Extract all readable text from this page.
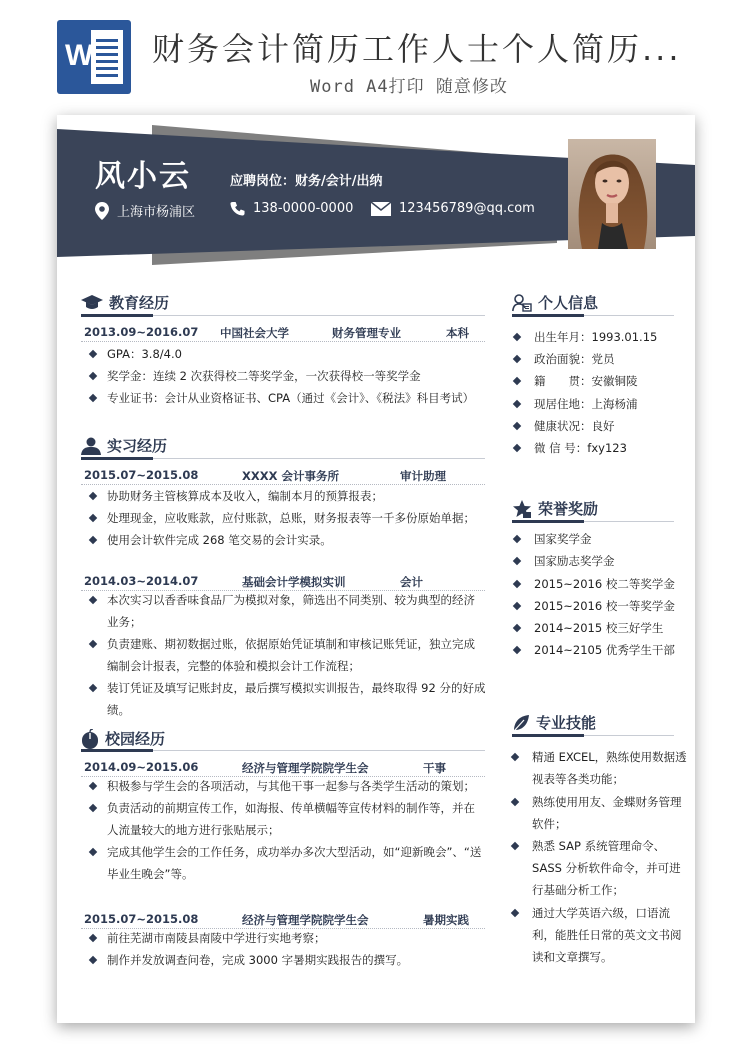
W 财务会计简历工作人士个人简历...
Word A4打印 随意修改
风小云	应聘岗位：财务/会计/出纳
上海市杨浦区	138-0000-0000	123456789@qq.com
教育经历
2013.09~2016.07 中国社会大学	财务管理专业	本科
GPA：3.8/4.0
奖学金：连续 2 次获得校二等奖学金，一次获得校一等奖学金
专业证书：会计从业资格证书、CPA（通过《会计》、《税法》科目考试）
实习经历
2015.07~2015.08	XXXX 会计事务所	审计助理
协助财务主管核算成本及收入，编制本月的预算报表；
处理现金，应收账款，应付账款，总账，财务报表等一千多份原始单据；
使用会计软件完成 268 笔交易的会计实录。
2014.03~2014.07	基础会计学模拟实训	会计
本次实习以香香味食品厂为模拟对象，筛选出不同类别、较为典型的经济业务；
负责建账、期初数据过账，依据原始凭证填制和审核记账凭证，独立完成编制会计报表，完整的体验和模拟会计工作流程；
装订凭证及填写记账封皮，最后撰写模拟实训报告，最终取得 92 分的好成绩。
校园经历
2014.09~2015.06	经济与管理学院院学生会	干事
积极参与学生会的各项活动，与其他干事一起参与各类学生活动的策划；
负责活动的前期宣传工作，如海报、传单横幅等宣传材料的制作等，并在人流量较大的地方进行张贴展示；
完成其他学生会的工作任务，成功举办多次大型活动，如“迎新晚会”、“送毕业生晚会”等。
2015.07~2015.08	经济与管理学院院学生会	暑期实践
前往芜湖市南陵县南陵中学进行实地考察；
制作并发放调查问卷，完成 3000 字暑期实践报告的撰写。
个人信息
出生年月：1993.01.15
政治面貌：党员
籍　　贯：安徽铜陵
现居住地：上海杨浦
健康状况：良好
微 信 号：fxy123
荣誉奖励
国家奖学金
国家励志奖学金
2015~2016 校二等奖学金
2015~2016 校一等奖学金
2014~2015 校三好学生
2014~2105 优秀学生干部
专业技能
精通 EXCEL，熟练使用数据透视表等各类功能；
熟练使用用友、金蝶财务管理软件；
熟悉 SAP 系统管理命令、SASS 分析软件命令，并可进行基础分析工作；
通过大学英语六级，口语流利，能胜任日常的英文文书阅读和文章撰写。
